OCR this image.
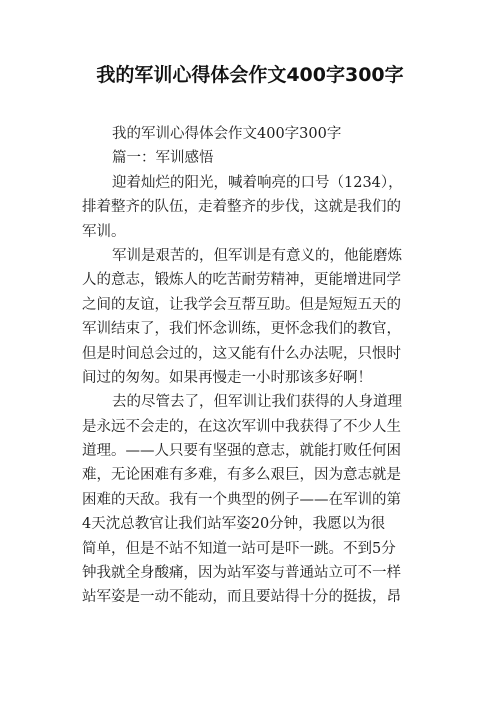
我的军训心得体会作文400字300字
我的军训心得体会作文400字300字
篇一：军训感悟
迎着灿烂的阳光，喊着响亮的口号（1234），
排着整齐的队伍，走着整齐的步伐，这就是我们的
军训。
军训是艰苦的，但军训是有意义的，他能磨炼
人的意志，锻炼人的吃苦耐劳精神，更能增进同学
之间的友谊，让我学会互帮互助。但是短短五天的
军训结束了，我们怀念训练，更怀念我们的教官，
但是时间总会过的，这又能有什么办法呢，只恨时
间过的匆匆。如果再慢走一小时那该多好啊！
去的尽管去了，但军训让我们获得的人身道理
是永远不会走的，在这次军训中我获得了不少人生
道理。——人只要有坚强的意志，就能打败任何困
难，无论困难有多难，有多么艰巨，因为意志就是
困难的天敌。我有一个典型的例子——在军训的第
4天沈总教官让我们站军姿20分钟，我愿以为很
简单，但是不站不知道一站可是吓一跳。不到5分
钟我就全身酸痛，因为站军姿与普通站立可不一样
站军姿是一动不能动，而且要站得十分的挺拔，昂
